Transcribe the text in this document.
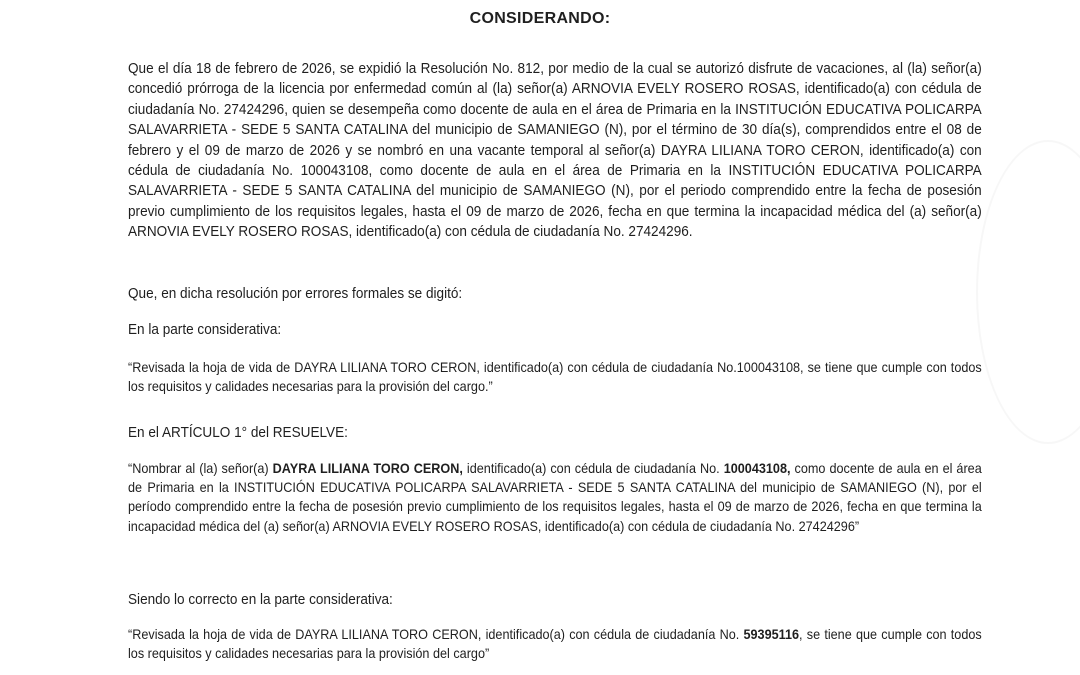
CONSIDERANDO:
Que el día 18 de febrero de 2026, se expidió la Resolución No. 812, por medio de la cual se autorizó disfrute de vacaciones, al (la) señor(a) concedió prórroga de la licencia por enfermedad común al (la) señor(a) ARNOVIA EVELY ROSERO ROSAS, identificado(a) con cédula de ciudadanía No. 27424296, quien se desempeña como docente de aula en el área de Primaria en la INSTITUCIÓN EDUCATIVA POLICARPA SALAVARRIETA - SEDE 5 SANTA CATALINA del municipio de SAMANIEGO (N), por el término de 30 día(s), comprendidos entre el 08 de febrero y el 09 de marzo de 2026 y se nombró en una vacante temporal al señor(a) DAYRA LILIANA TORO CERON, identificado(a) con cédula de ciudadanía No. 100043108, como docente de aula en el área de Primaria en la INSTITUCIÓN EDUCATIVA POLICARPA SALAVARRIETA - SEDE 5 SANTA CATALINA del municipio de SAMANIEGO (N), por el periodo comprendido entre la fecha de posesión previo cumplimiento de los requisitos legales, hasta el 09 de marzo de 2026, fecha en que termina la incapacidad médica del (a) señor(a) ARNOVIA EVELY ROSERO ROSAS, identificado(a) con cédula de ciudadanía No. 27424296.
Que, en dicha resolución por errores formales se digitó:
En la parte considerativa:
“Revisada la hoja de vida de DAYRA LILIANA TORO CERON, identificado(a) con cédula de ciudadanía No.100043108, se tiene que cumple con todos los requisitos y calidades necesarias para la provisión del cargo.”
En el ARTÍCULO 1° del RESUELVE:
“Nombrar al (la) señor(a) DAYRA LILIANA TORO CERON, identificado(a) con cédula de ciudadanía No. 100043108, como docente de aula en el área de Primaria en la INSTITUCIÓN EDUCATIVA POLICARPA SALAVARRIETA - SEDE 5 SANTA CATALINA del municipio de SAMANIEGO (N), por el período comprendido entre la fecha de posesión previo cumplimiento de los requisitos legales, hasta el 09 de marzo de 2026, fecha en que termina la incapacidad médica del (a) señor(a) ARNOVIA EVELY ROSERO ROSAS, identificado(a) con cédula de ciudadanía No. 27424296”
Siendo lo correcto en la parte considerativa:
“Revisada la hoja de vida de DAYRA LILIANA TORO CERON, identificado(a) con cédula de ciudadanía No. 59395116, se tiene que cumple con todos los requisitos y calidades necesarias para la provisión del cargo”
